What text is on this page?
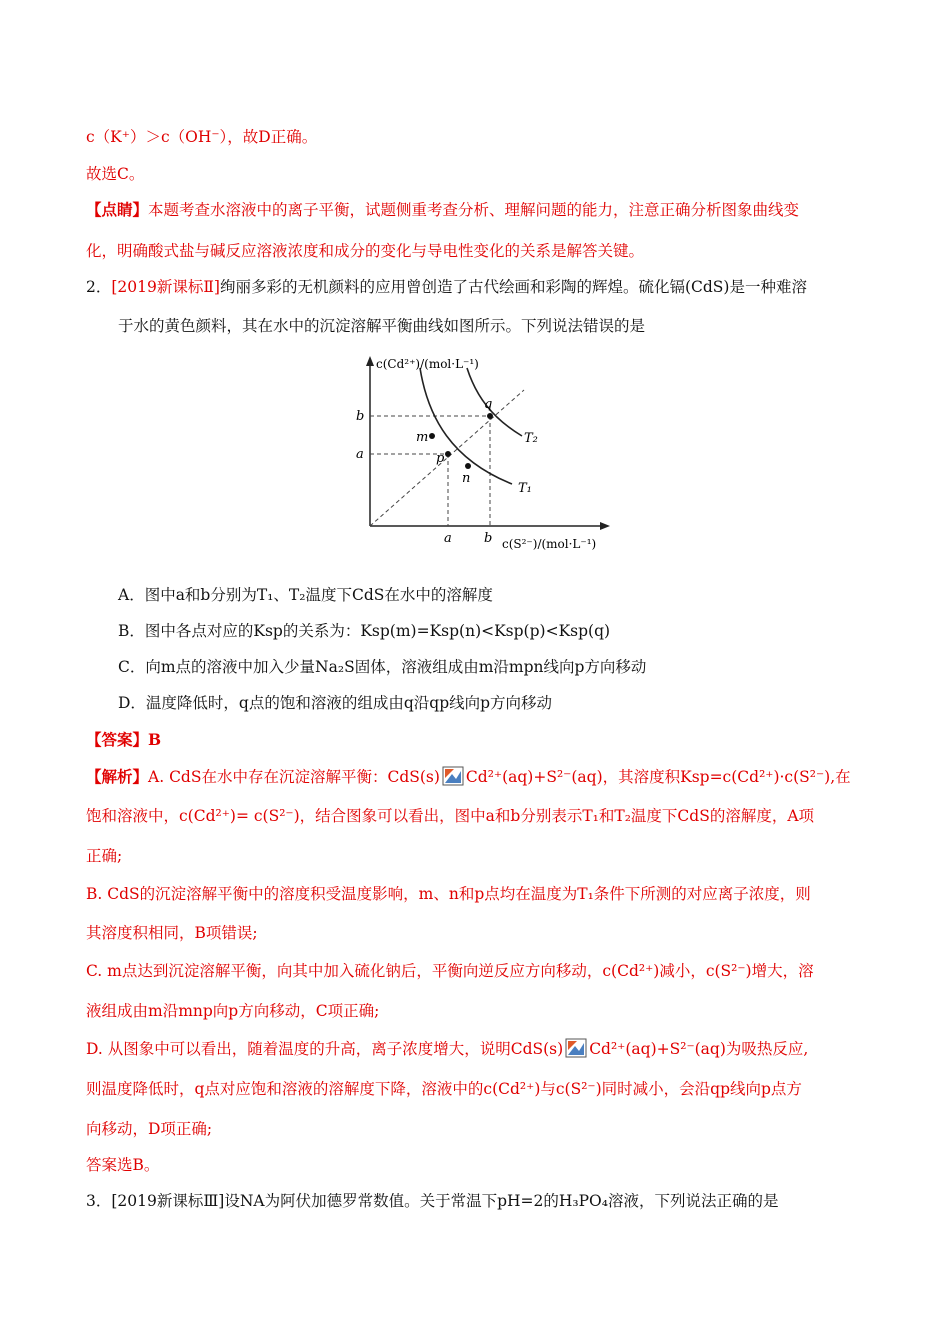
c（K⁺）＞c（OH⁻），故D正确。
故选C。
【点睛】本题考查水溶液中的离子平衡，试题侧重考查分析、理解问题的能力，注意正确分析图象曲线变
化，明确酸式盐与碱反应溶液浓度和成分的变化与导电性变化的关系是解答关键。
2．[2019新课标Ⅱ]绚丽多彩的无机颜料的应用曾创造了古代绘画和彩陶的辉煌。硫化镉(CdS)是一种难溶
于水的黄色颜料，其在水中的沉淀溶解平衡曲线如图所示。下列说法错误的是
c(Cd²⁺)/(mol·L⁻¹)
c(S²⁻)/(mol·L⁻¹)
b
a
a b
m
p
n
q
T₂
T₁
A．图中a和b分别为T₁、T₂温度下CdS在水中的溶解度
B．图中各点对应的Ksp的关系为：Ksp(m)=Ksp(n)<Ksp(p)<Ksp(q)
C．向m点的溶液中加入少量Na₂S固体，溶液组成由m沿mpn线向p方向移动
D．温度降低时，q点的饱和溶液的组成由q沿qp线向p方向移动
【答案】B
【解析】A. CdS在水中存在沉淀溶解平衡：CdS(s) Cd²⁺(aq)+S²⁻(aq)，其溶度积Ksp=c(Cd²⁺)·c(S²⁻),在
饱和溶液中，c(Cd²⁺)= c(S²⁻)，结合图象可以看出，图中a和b分别表示T₁和T₂温度下CdS的溶解度，A项
正确;
B. CdS的沉淀溶解平衡中的溶度积受温度影响，m、n和p点均在温度为T₁条件下所测的对应离子浓度，则
其溶度积相同，B项错误;
C. m点达到沉淀溶解平衡，向其中加入硫化钠后，平衡向逆反应方向移动，c(Cd²⁺)减小，c(S²⁻)增大，溶
液组成由m沿mnp向p方向移动，C项正确;
D. 从图象中可以看出，随着温度的升高，离子浓度增大，说明CdS(s) Cd²⁺(aq)+S²⁻(aq)为吸热反应,
则温度降低时，q点对应饱和溶液的溶解度下降，溶液中的c(Cd²⁺)与c(S²⁻)同时减小，会沿qp线向p点方
向移动，D项正确;
答案选B。
3．[2019新课标Ⅲ]设NA为阿伏加德罗常数值。关于常温下pH=2的H₃PO₄溶液，下列说法正确的是
